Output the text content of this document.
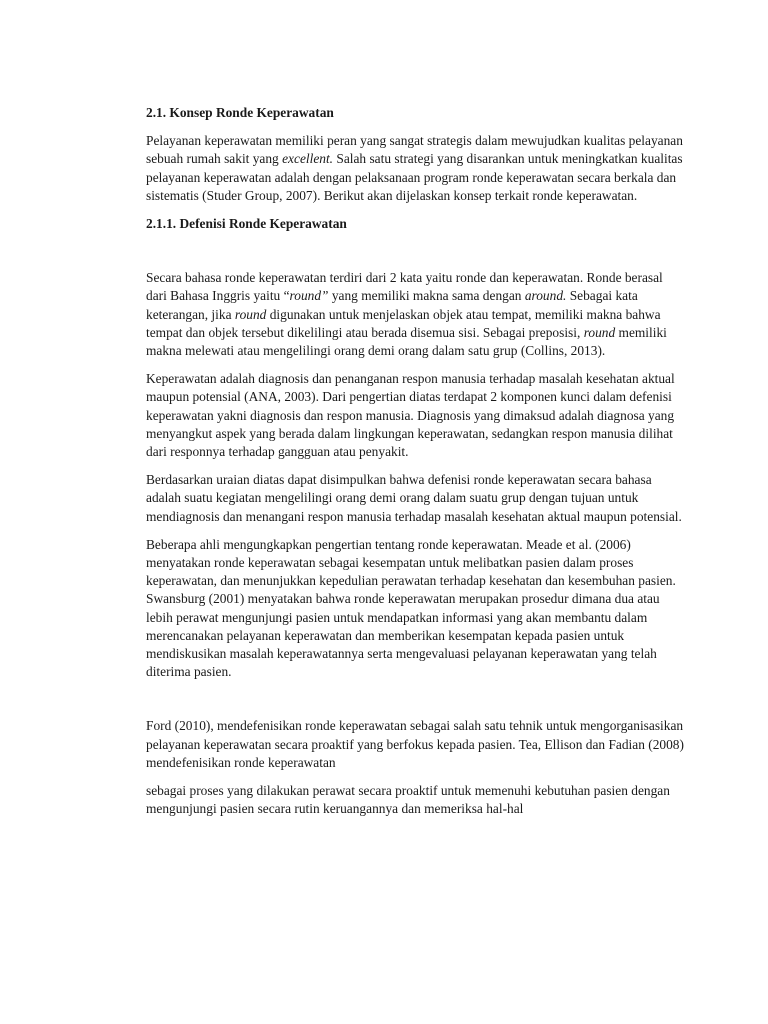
2.1. Konsep Ronde Keperawatan

Pelayanan keperawatan memiliki peran yang sangat strategis dalam mewujudkan kualitas pelayanan sebuah rumah sakit yang excellent. Salah satu strategi yang disarankan untuk meningkatkan kualitas pelayanan keperawatan adalah dengan pelaksanaan program ronde keperawatan secara berkala dan sistematis (Studer Group, 2007). Berikut akan dijelaskan konsep terkait ronde keperawatan.

2.1.1. Defenisi Ronde Keperawatan

Secara bahasa ronde keperawatan terdiri dari 2 kata yaitu ronde dan keperawatan. Ronde berasal dari Bahasa Inggris yaitu “round” yang memiliki makna sama dengan around. Sebagai kata keterangan, jika round digunakan untuk menjelaskan objek atau tempat, memiliki makna bahwa tempat dan objek tersebut dikelilingi atau berada disemua sisi. Sebagai preposisi, round memiliki makna melewati atau mengelilingi orang demi orang dalam satu grup (Collins, 2013).

Keperawatan adalah diagnosis dan penanganan respon manusia terhadap masalah kesehatan aktual maupun potensial (ANA, 2003). Dari pengertian diatas terdapat 2 komponen kunci dalam defenisi keperawatan yakni diagnosis dan respon manusia. Diagnosis yang dimaksud adalah diagnosa yang menyangkut aspek yang berada dalam lingkungan keperawatan, sedangkan respon manusia dilihat dari responnya terhadap gangguan atau penyakit.

Berdasarkan uraian diatas dapat disimpulkan bahwa defenisi ronde keperawatan secara bahasa adalah suatu kegiatan mengelilingi orang demi orang dalam suatu grup dengan tujuan untuk mendiagnosis dan menangani respon manusia terhadap masalah kesehatan aktual maupun potensial.

Beberapa ahli mengungkapkan pengertian tentang ronde keperawatan. Meade et al. (2006) menyatakan ronde keperawatan sebagai kesempatan untuk melibatkan pasien dalam proses keperawatan, dan menunjukkan kepedulian perawatan terhadap kesehatan dan kesembuhan pasien. Swansburg (2001) menyatakan bahwa ronde keperawatan merupakan prosedur dimana dua atau lebih perawat mengunjungi pasien untuk mendapatkan informasi yang akan membantu dalam merencanakan pelayanan keperawatan dan memberikan kesempatan kepada pasien untuk mendiskusikan masalah keperawatannya serta mengevaluasi pelayanan keperawatan yang telah diterima pasien.

Ford (2010), mendefenisikan ronde keperawatan sebagai salah satu tehnik untuk mengorganisasikan pelayanan keperawatan secara proaktif yang berfokus kepada pasien. Tea, Ellison dan Fadian (2008) mendefenisikan ronde keperawatan

sebagai proses yang dilakukan perawat secara proaktif untuk memenuhi kebutuhan pasien dengan mengunjungi pasien secara rutin keruangannya dan memeriksa hal-hal
